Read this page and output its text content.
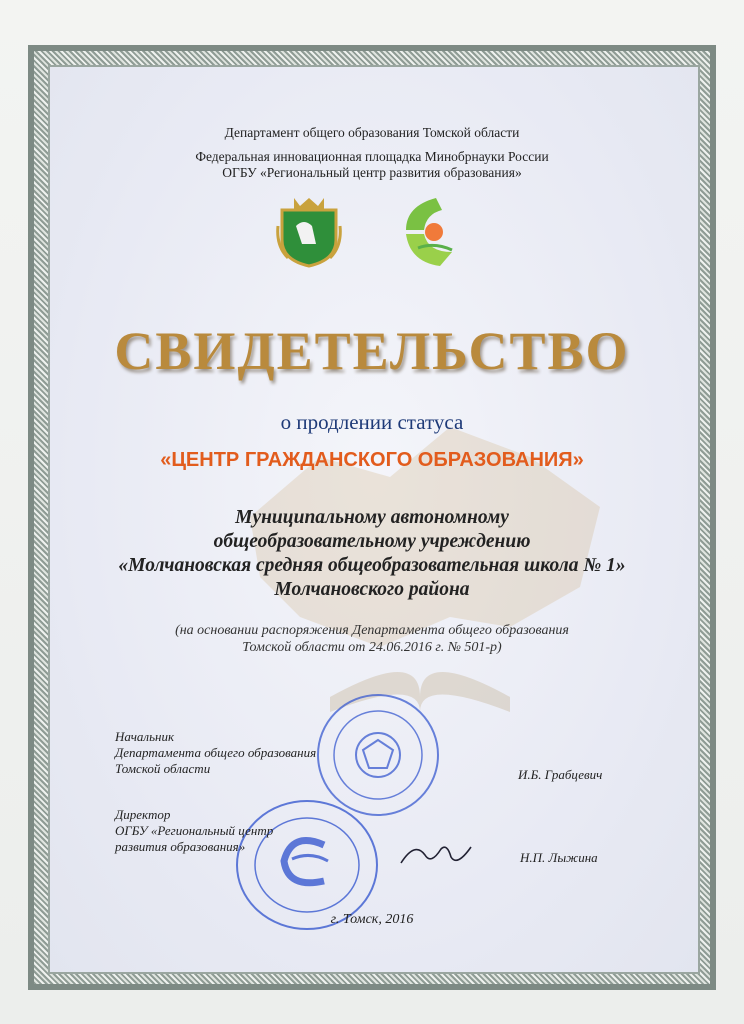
Департамент общего образования Томской области
Федеральная инновационная площадка Минобрнауки России
ОГБУ «Региональный центр развития образования»
СВИДЕТЕЛЬСТВО
о продлении статуса
«ЦЕНТР ГРАЖДАНСКОГО ОБРАЗОВАНИЯ»
Муниципальному автономному
общеобразовательному учреждению
«Молчановская средняя общеобразовательная школа № 1»
Молчановского района
(на основании распоряжения Департамента общего образования
Томской области от 24.06.2016 г. № 501-р)
Начальник
Департамента общего образования
Томской области	И.Б. Грабцевич
Директор
ОГБУ «Региональный центр
развития образования»
Н.П. Лыжина
г. Томск, 2016
